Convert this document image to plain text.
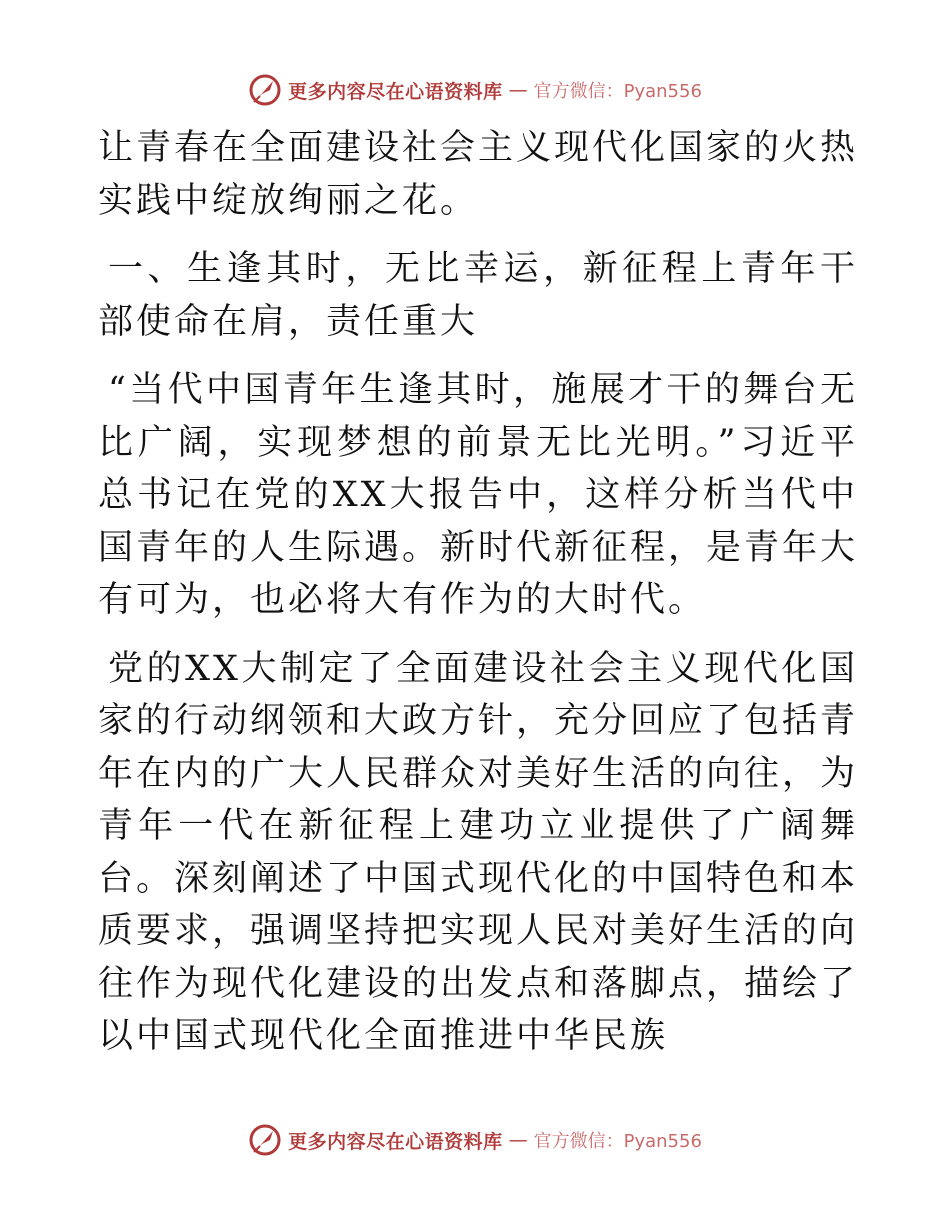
更多内容尽在心语资料库 — 官方微信：Pyan556

让青春在全面建设社会主义现代化国家的火热实践中绽放绚丽之花。

一、生逢其时，无比幸运，新征程上青年干部使命在肩，责任重大

“当代中国青年生逢其时，施展才干的舞台无比广阔，实现梦想的前景无比光明。”习近平总书记在党的XX大报告中，这样分析当代中国青年的人生际遇。新时代新征程，是青年大有可为，也必将大有作为的大时代。

党的XX大制定了全面建设社会主义现代化国家的行动纲领和大政方针，充分回应了包括青年在内的广大人民群众对美好生活的向往，为青年一代在新征程上建功立业提供了广阔舞台。深刻阐述了中国式现代化的中国特色和本质要求，强调坚持把实现人民对美好生活的向往作为现代化建设的出发点和落脚点，描绘了以中国式现代化全面推进中华民族

更多内容尽在心语资料库 — 官方微信：Pyan556
